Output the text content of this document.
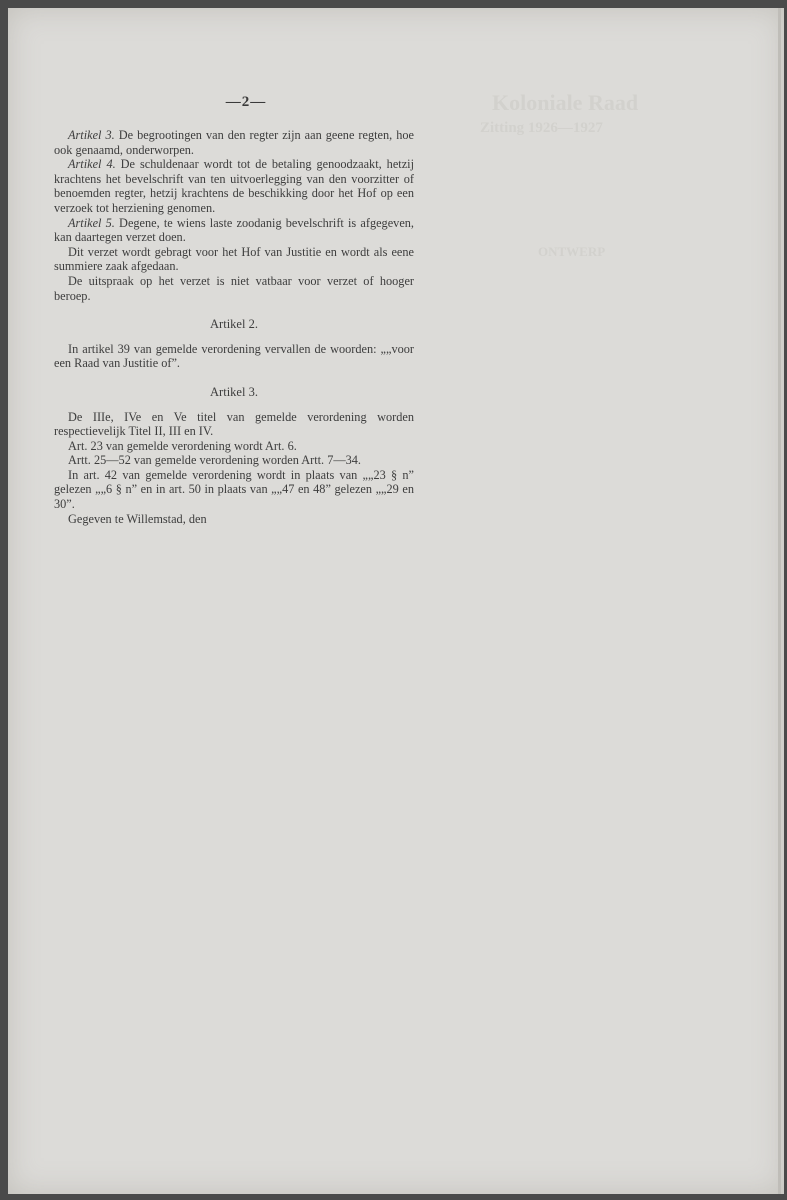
Koloniale Raad
Zitting 1926—1927
ONTWERP
—2—

Artikel 3. De begrootingen van den regter zijn aan geene regten, hoe ook genaamd, onderworpen.

Artikel 4. De schuldenaar wordt tot de betaling genoodzaakt, hetzij krachtens het bevelschrift van ten uitvoerlegging van den voorzitter of benoemden regter, hetzij krachtens de beschikking door het Hof op een verzoek tot herziening genomen.

Artikel 5. Degene, te wiens laste zoodanig bevelschrift is afgegeven, kan daartegen verzet doen.

Dit verzet wordt gebragt voor het Hof van Justitie en wordt als eene summiere zaak afgedaan.

De uitspraak op het verzet is niet vatbaar voor verzet of hooger beroep.

Artikel 2.

In artikel 39 van gemelde verordening vervallen de woorden: „„voor een Raad van Justitie of”.

Artikel 3.

De IIIe, IVe en Ve titel van gemelde verordening worden respectievelijk Titel II, III en IV.

Art. 23 van gemelde verordening wordt Art. 6.

Artt. 25—52 van gemelde verordening worden Artt. 7—34.

In art. 42 van gemelde verordening wordt in plaats van „„23 § n” gelezen „„6 § n” en in art. 50 in plaats van „„47 en 48” gelezen „„29 en 30”.

Gegeven te Willemstad, den
